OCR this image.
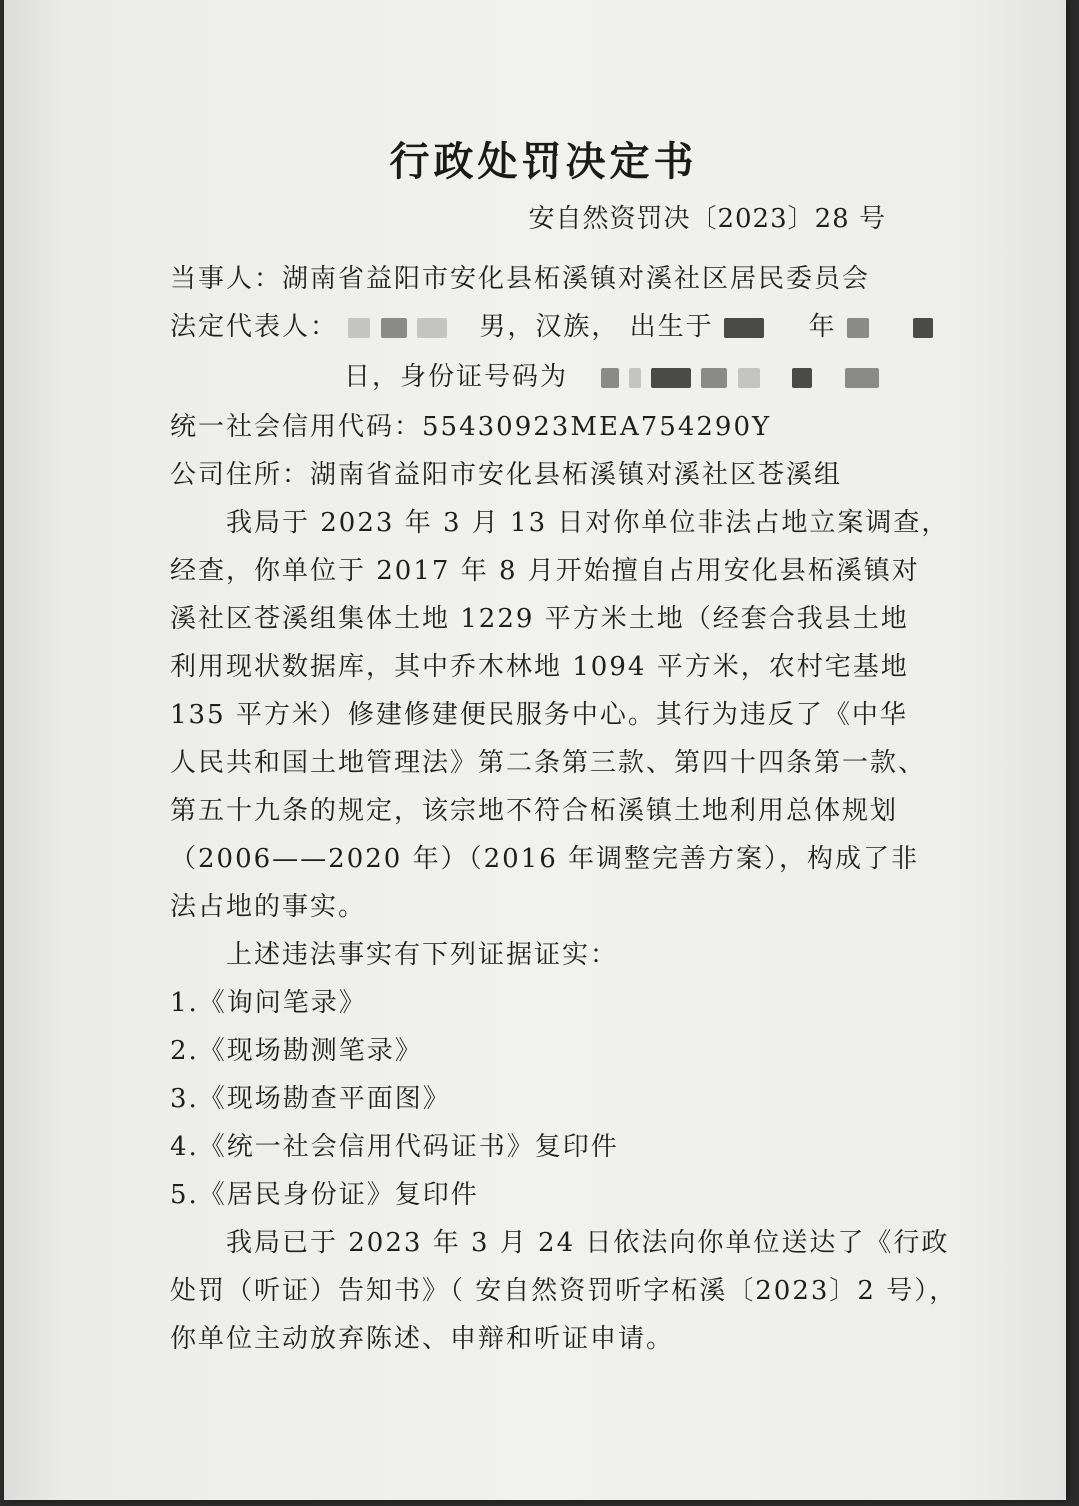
行政处罚决定书
安自然资罚决〔2023〕28 号
当事人：湖南省益阳市安化县柘溪镇对溪社区居民委员会
法定代表人：	男，汉族， 出生于	年
日，身份证号码为
统一社会信用代码：55430923MEA754290Y
公司住所：湖南省益阳市安化县柘溪镇对溪社区苍溪组
我局于 2023 年 3 月 13 日对你单位非法占地立案调查，
经查，你单位于 2017 年 8 月开始擅自占用安化县柘溪镇对
溪社区苍溪组集体土地 1229 平方米土地（经套合我县土地
利用现状数据库，其中乔木林地 1094 平方米，农村宅基地
135 平方米）修建修建便民服务中心。其行为违反了《中华
人民共和国土地管理法》第二条第三款、第四十四条第一款、
第五十九条的规定，该宗地不符合柘溪镇土地利用总体规划
（2006——2020 年）（2016 年调整完善方案），构成了非
法占地的事实。
上述违法事实有下列证据证实：
1.《询问笔录》
2.《现场勘测笔录》
3.《现场勘查平面图》
4.《统一社会信用代码证书》复印件
5.《居民身份证》复印件
我局已于 2023 年 3 月 24 日依法向你单位送达了《行政
处罚（听证）告知书》（ 安自然资罚听字柘溪〔2023〕2 号），
你单位主动放弃陈述、申辩和听证申请。
